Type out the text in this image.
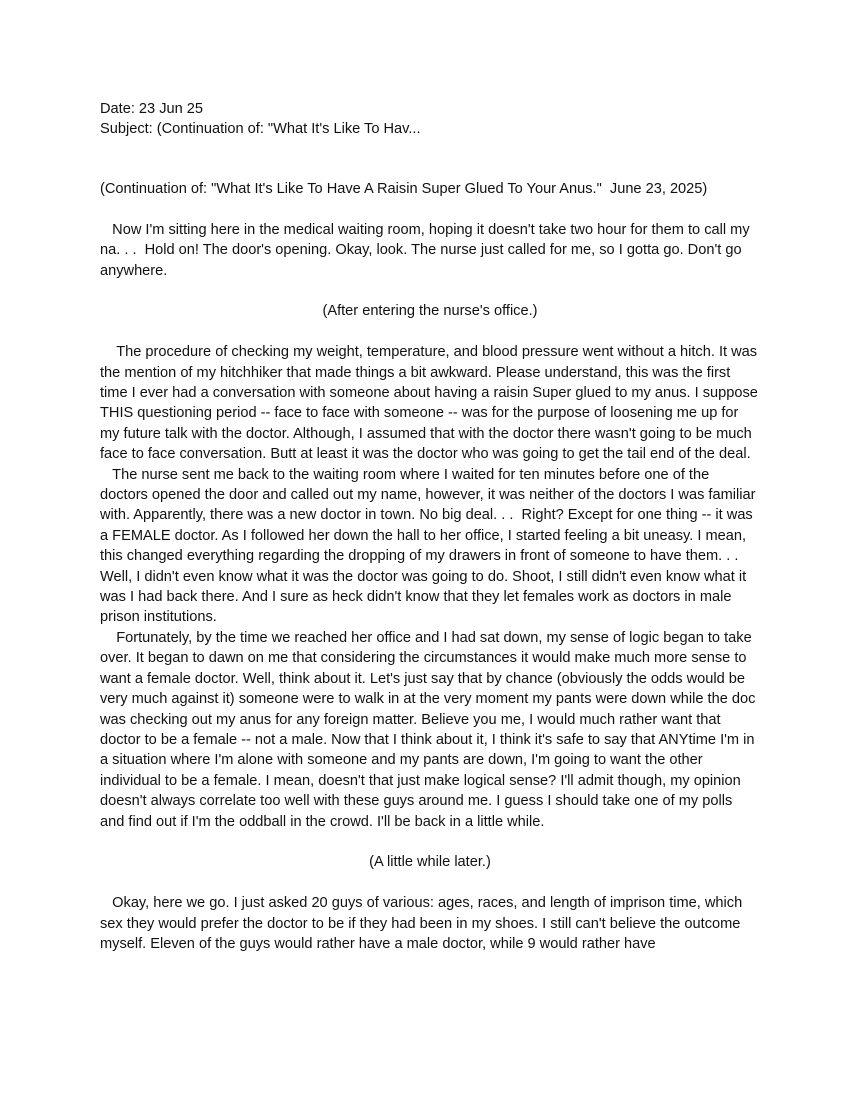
Date: 23 Jun 25
Subject: (Continuation of: "What It's Like To Hav...

(Continuation of: "What It's Like To Have A Raisin Super Glued To Your Anus."  June 23, 2025)

Now I'm sitting here in the medical waiting room, hoping it doesn't take two hour for them to call my na. . .  Hold on! The door's opening. Okay, look. The nurse just called for me, so I gotta go. Don't go anywhere.

(After entering the nurse's office.)

The procedure of checking my weight, temperature, and blood pressure went without a hitch. It was the mention of my hitchhiker that made things a bit awkward. Please understand, this was the first time I ever had a conversation with someone about having a raisin Super glued to my anus. I suppose THIS questioning period -- face to face with someone -- was for the purpose of loosening me up for my future talk with the doctor. Although, I assumed that with the doctor there wasn't going to be much face to face conversation. Butt at least it was the doctor who was going to get the tail end of the deal.

The nurse sent me back to the waiting room where I waited for ten minutes before one of the doctors opened the door and called out my name, however, it was neither of the doctors I was familiar with. Apparently, there was a new doctor in town. No big deal. . .  Right? Except for one thing -- it was a FEMALE doctor. As I followed her down the hall to her office, I started feeling a bit uneasy. I mean, this changed everything regarding the dropping of my drawers in front of someone to have them. . .  Well, I didn't even know what it was the doctor was going to do. Shoot, I still didn't even know what it was I had back there. And I sure as heck didn't know that they let females work as doctors in male prison institutions.

Fortunately, by the time we reached her office and I had sat down, my sense of logic began to take over. It began to dawn on me that considering the circumstances it would make much more sense to want a female doctor. Well, think about it. Let's just say that by chance (obviously the odds would be very much against it) someone were to walk in at the very moment my pants were down while the doc was checking out my anus for any foreign matter. Believe you me, I would much rather want that doctor to be a female -- not a male. Now that I think about it, I think it's safe to say that ANYtime I'm in a situation where I'm alone with someone and my pants are down, I'm going to want the other individual to be a female. I mean, doesn't that just make logical sense? I'll admit though, my opinion doesn't always correlate too well with these guys around me. I guess I should take one of my polls and find out if I'm the oddball in the crowd. I'll be back in a little while.

(A little while later.)

Okay, here we go. I just asked 20 guys of various: ages, races, and length of imprison time, which sex they would prefer the doctor to be if they had been in my shoes. I still can't believe the outcome myself. Eleven of the guys would rather have a male doctor, while 9 would rather have
